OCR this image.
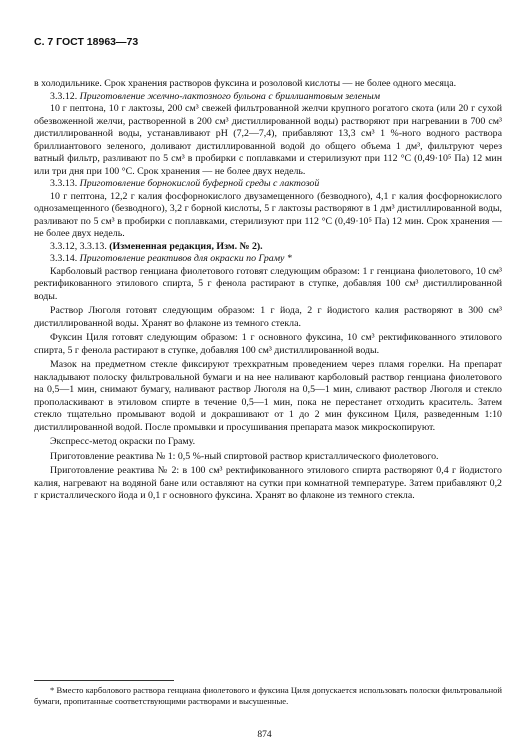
С. 7 ГОСТ 18963—73

в холодильнике. Срок хранения растворов фуксина и розоловой кислоты — не более одного месяца.

3.3.12. Приготовление желчно-лактозного бульона с бриллиантовым зеленым

10 г пептона, 10 г лактозы, 200 см³ свежей фильтрованной желчи крупного рогатого скота (или 20 г сухой обезвоженной желчи, растворенной в 200 см³ дистиллированной воды) растворяют при нагревании в 700 см³ дистиллированной воды, устанавливают рН (7,2—7,4), прибавляют 13,3 см³ 1 %-ного водного раствора бриллиантового зеленого, доливают дистиллированной водой до общего объема 1 дм³, фильтруют через ватный фильтр, разливают по 5 см³ в пробирки с поплавками и стерилизуют при 112 °С (0,49·10⁵ Па) 12 мин или три дня при 100 °С. Срок хранения — не более двух недель.

3.3.13. Приготовление борнокислой буферной среды с лактозой

10 г пептона, 12,2 г калия фосфорнокислого двузамещенного (безводного), 4,1 г калия фосфорнокислого однозамещенного (безводного), 3,2 г борной кислоты, 5 г лактозы растворяют в 1 дм³ дистиллированной воды, разливают по 5 см³ в пробирки с поплавками, стерилизуют при 112 °С (0,49·10⁵ Па) 12 мин. Срок хранения — не более двух недель.

3.3.12, 3.3.13. (Измененная редакция, Изм. № 2).

3.3.14. Приготовление реактивов для окраски по Граму *

Карболовый раствор генциана фиолетового готовят следующим образом: 1 г генциана фиолетового, 10 см³ ректификованного этилового спирта, 5 г фенола растирают в ступке, добавляя 100 см³ дистиллированной воды.

Раствор Люголя готовят следующим образом: 1 г йода, 2 г йодистого калия растворяют в 300 см³ дистиллированной воды. Хранят во флаконе из темного стекла.

Фуксин Циля готовят следующим образом: 1 г основного фуксина, 10 см³ ректификованного этилового спирта, 5 г фенола растирают в ступке, добавляя 100 см³ дистиллированной воды.

Мазок на предметном стекле фиксируют трехкратным проведением через пламя горелки. На препарат накладывают полоску фильтровальной бумаги и на нее наливают карболовый раствор генциана фиолетового на 0,5—1 мин, снимают бумагу, наливают раствор Люголя на 0,5—1 мин, сливают раствор Люголя и стекло прополаскивают в этиловом спирте в течение 0,5—1 мин, пока не перестанет отходить краситель. Затем стекло тщательно промывают водой и докрашивают от 1 до 2 мин фуксином Циля, разведенным 1:10 дистиллированной водой. После промывки и просушивания препарата мазок микроскопируют.

Экспресс-метод окраски по Граму.

Приготовление реактива № 1: 0,5 %-ный спиртовой раствор кристаллического фиолетового.

Приготовление реактива № 2: в 100 см³ ректификованного этилового спирта растворяют 0,4 г йодистого калия, нагревают на водяной бане или оставляют на сутки при комнатной температуре. Затем прибавляют 0,2 г кристаллического йода и 0,1 г основного фуксина. Хранят во флаконе из темного стекла.

* Вместо карболового раствора генциана фиолетового и фуксина Циля допускается использовать полоски фильтровальной бумаги, пропитанные соответствующими растворами и высушенные.

874
